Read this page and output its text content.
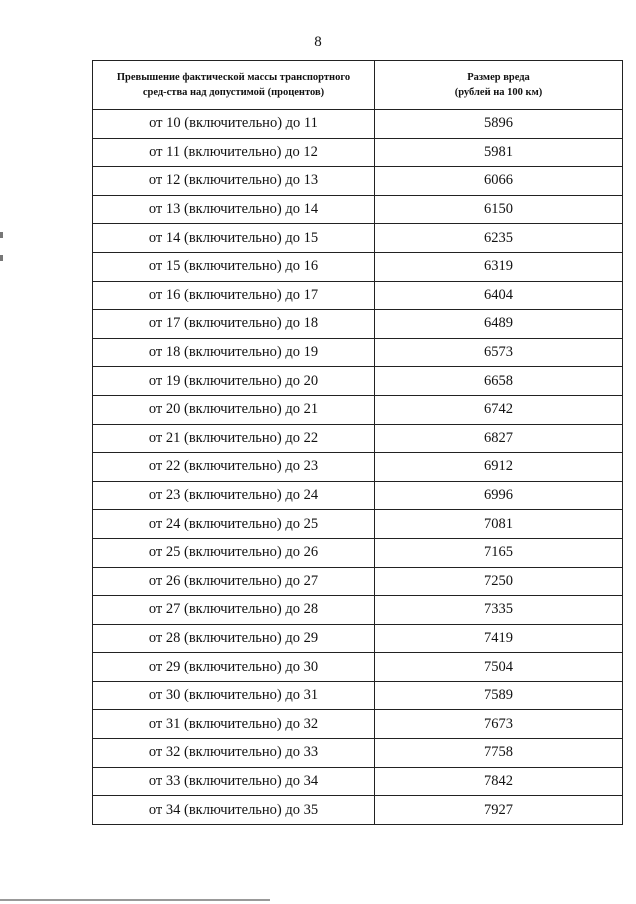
8
Превышение фактической массы транспортного сред-ства над допустимой (процентов)	Размер вреда
(рублей на 100 км)
от 10 (включительно) до 11	5896
от 11 (включительно) до 12	5981
от 12 (включительно) до 13	6066
от 13 (включительно) до 14	6150
от 14 (включительно) до 15	6235
от 15 (включительно) до 16	6319
от 16 (включительно) до 17	6404
от 17 (включительно) до 18	6489
от 18 (включительно) до 19	6573
от 19 (включительно) до 20	6658
от 20 (включительно) до 21	6742
от 21 (включительно) до 22	6827
от 22 (включительно) до 23	6912
от 23 (включительно) до 24	6996
от 24 (включительно) до 25	7081
от 25 (включительно) до 26	7165
от 26 (включительно) до 27	7250
от 27 (включительно) до 28	7335
от 28 (включительно) до 29	7419
от 29 (включительно) до 30	7504
от 30 (включительно) до 31	7589
от 31 (включительно) до 32	7673
от 32 (включительно) до 33	7758
от 33 (включительно) до 34	7842
от 34 (включительно) до 35	7927
